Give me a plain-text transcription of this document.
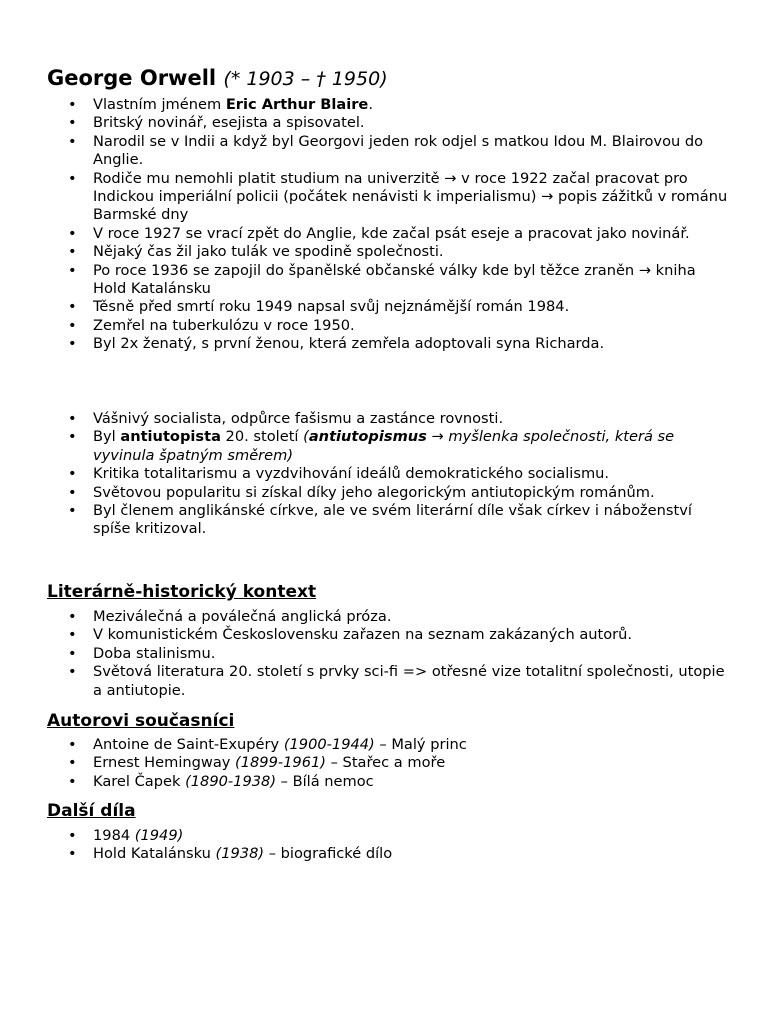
George Orwell (* 1903 – † 1950)
• Vlastním jménem Eric Arthur Blaire.
• Britský novinář, esejista a spisovatel.
• Narodil se v Indii a když byl Georgovi jeden rok odjel s matkou Idou M. Blairovou do Anglie.
• Rodiče mu nemohli platit studium na univerzitě → v roce 1922 začal pracovat pro Indickou imperiální policii (počátek nenávisti k imperialismu) → popis zážitků v románu Barmské dny
• V roce 1927 se vrací zpět do Anglie, kde začal psát eseje a pracovat jako novinář.
• Nějaký čas žil jako tulák ve spodině společnosti.
• Po roce 1936 se zapojil do španělské občanské války kde byl těžce zraněn → kniha Hold Katalánsku
• Těsně před smrtí roku 1949 napsal svůj nejznámější román 1984.
• Zemřel na tuberkulózu v roce 1950.
• Byl 2x ženatý, s první ženou, která zemřela adoptovali syna Richarda.
• Vášnivý socialista, odpůrce fašismu a zastánce rovnosti.
• Byl antiutopista 20. století (antiutopismus → myšlenka společnosti, která se vyvinula špatným směrem)
• Kritika totalitarismu a vyzdvihování ideálů demokratického socialismu.
• Světovou popularitu si získal díky jeho alegorickým antiutopickým románům.
• Byl členem anglikánské církve, ale ve svém literární díle však církev i náboženství spíše kritizoval.
Literárně-historický kontext
• Meziválečná a poválečná anglická próza.
• V komunistickém Československu zařazen na seznam zakázaných autorů.
• Doba stalinismu.
• Světová literatura 20. století s prvky sci-fi => otřesné vize totalitní společnosti, utopie a antiutopie.
Autorovi současníci
• Antoine de Saint-Exupéry (1900-1944) – Malý princ
• Ernest Hemingway (1899-1961) – Stařec a moře
• Karel Čapek (1890-1938) – Bílá nemoc
Další díla
• 1984 (1949)
• Hold Katalánsku (1938) – biografické dílo
